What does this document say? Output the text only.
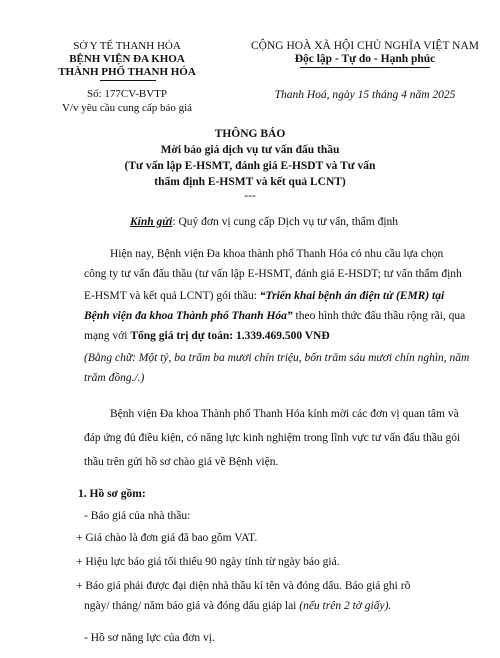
SỞ Y TẾ THANH HÓA
BỆNH VIỆN ĐA KHOA
THÀNH PHỐ THANH HÓA
Số: 177CV-BVTP
V/v yêu cầu cung cấp báo giá
CỘNG HOÀ XÃ HỘI CHỦ NGHĨA VIỆT NAM
Độc lập - Tự do - Hạnh phúc
Thanh Hoá, ngày 15 tháng 4 năm 2025
THÔNG BÁO
Mời báo giá dịch vụ tư vấn đấu thầu
(Tư vấn lập E-HSMT, đánh giá E-HSDT và Tư vấn
thẩm định E-HSMT và kết quả LCNT)
---
Kính gửi: Quý đơn vị cung cấp Dịch vụ tư vấn, thẩm định
Hiện nay, Bệnh viện Đa khoa thành phố Thanh Hóa có nhu cầu lựa chọn
công ty tư vấn đấu thầu (tư vấn lập E-HSMT, đánh giá E-HSDT; tư vấn thẩm định
E-HSMT và kết quả LCNT) gói thầu: “Triển khai bệnh án điện tử (EMR) tại
Bệnh viện đa khoa Thành phố Thanh Hóa” theo hình thức đấu thầu rộng rãi, qua
mạng với Tổng giá trị dự toán: 1.339.469.500 VNĐ
(Bằng chữ: Một tỷ, ba trăm ba mươi chín triệu, bốn trăm sáu mươi chín nghìn, năm
trăm đồng./.)
Bệnh viện Đa khoa Thành phố Thanh Hóa kính mời các đơn vị quan tâm và
đáp ứng đủ điều kiện, có năng lực kinh nghiệm trong lĩnh vực tư vấn đấu thầu gói
thầu trên gửi hồ sơ chào giá về Bệnh viện.
1. Hồ sơ gồm:
- Báo giá của nhà thầu:
+ Giá chào là đơn giá đã bao gồm VAT.
+ Hiệu lực báo giá tối thiểu 90 ngày tính từ ngày báo giá.
+ Báo giá phải được đại diện nhà thầu kí tên và đóng dấu. Báo giá ghi rõ
ngày/ tháng/ năm báo giá và đóng dấu giáp lai (nếu trên 2 tờ giấy).
- Hồ sơ năng lực của đơn vị.
